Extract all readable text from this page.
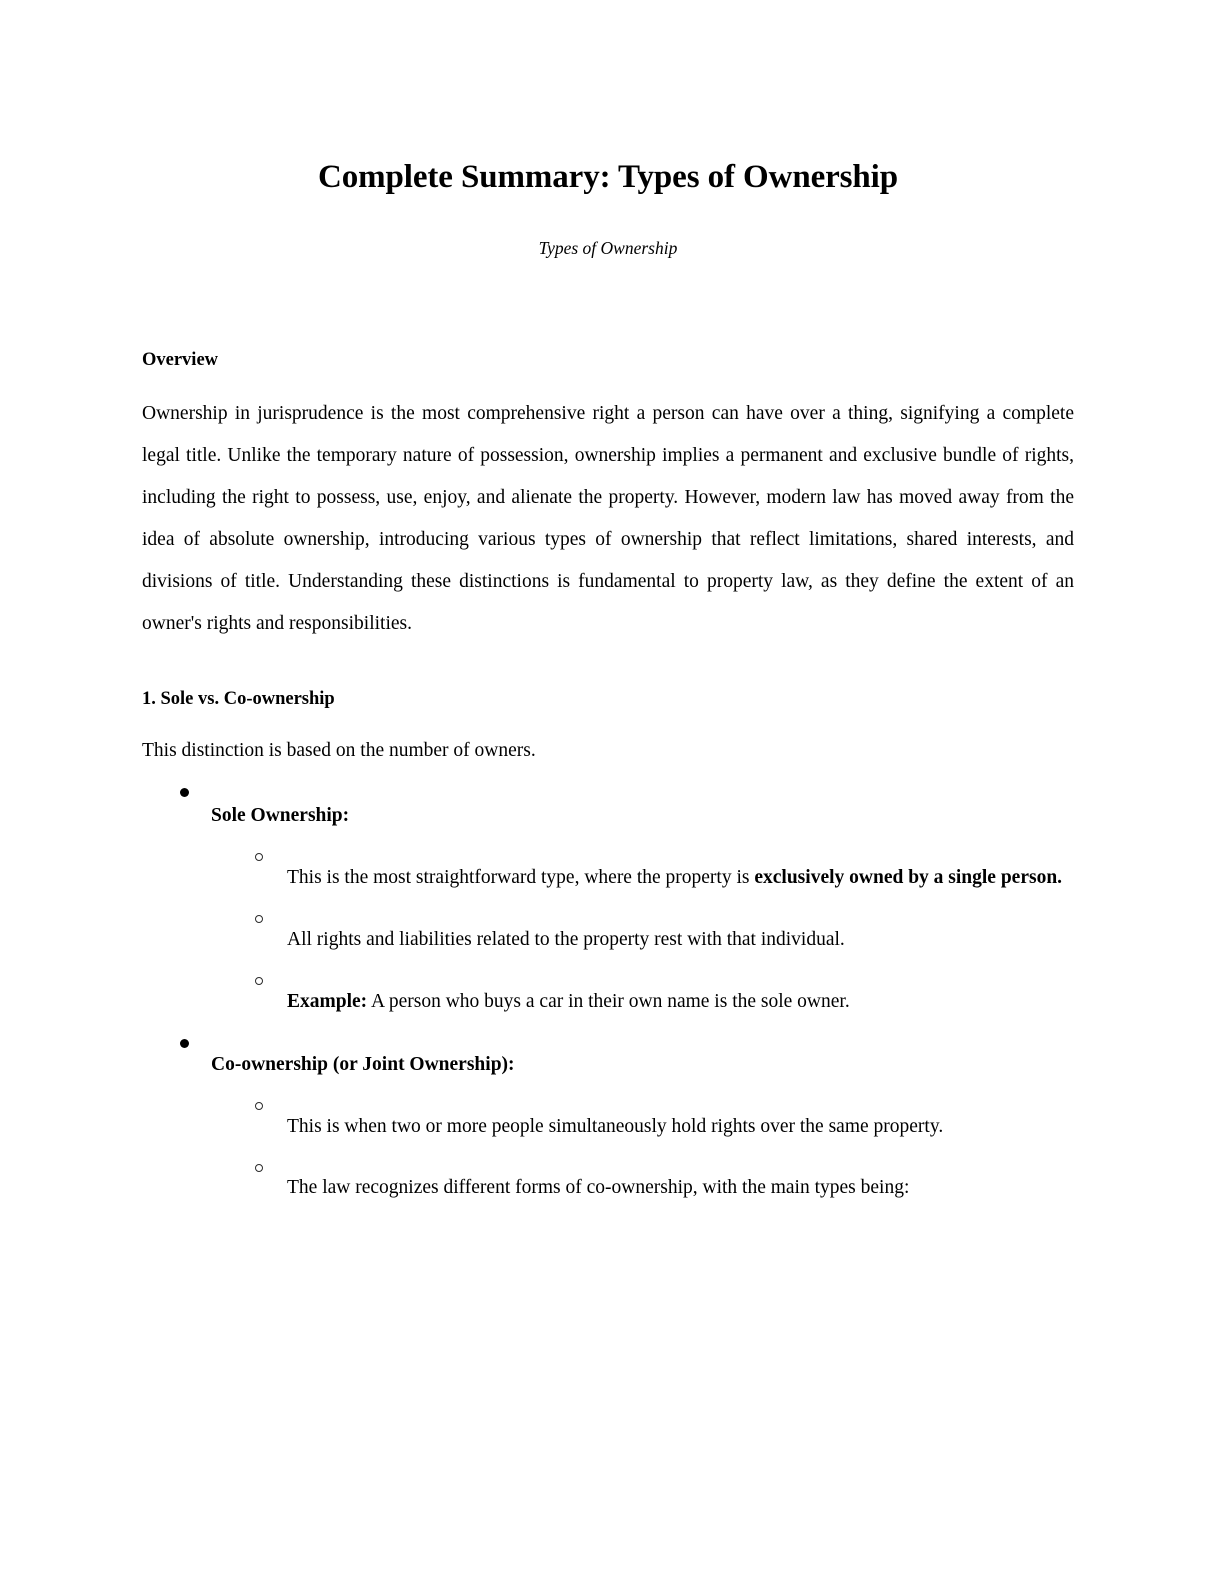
Complete Summary: Types of Ownership
Types of Ownership
Overview

Ownership in jurisprudence is the most comprehensive right a person can have over a thing, signifying a complete legal title. Unlike the temporary nature of possession, ownership implies a permanent and exclusive bundle of rights, including the right to possess, use, enjoy, and alienate the property. However, modern law has moved away from the idea of absolute ownership, introducing various types of ownership that reflect limitations, shared interests, and divisions of title. Understanding these distinctions is fundamental to property law, as they define the extent of an owner's rights and responsibilities.

1. Sole vs. Co-ownership

This distinction is based on the number of owners.

Sole Ownership:
This is the most straightforward type, where the property is exclusively owned by a single person.
All rights and liabilities related to the property rest with that individual.
Example: A person who buys a car in their own name is the sole owner.
Co-ownership (or Joint Ownership):
This is when two or more people simultaneously hold rights over the same property.
The law recognizes different forms of co-ownership, with the main types being:
